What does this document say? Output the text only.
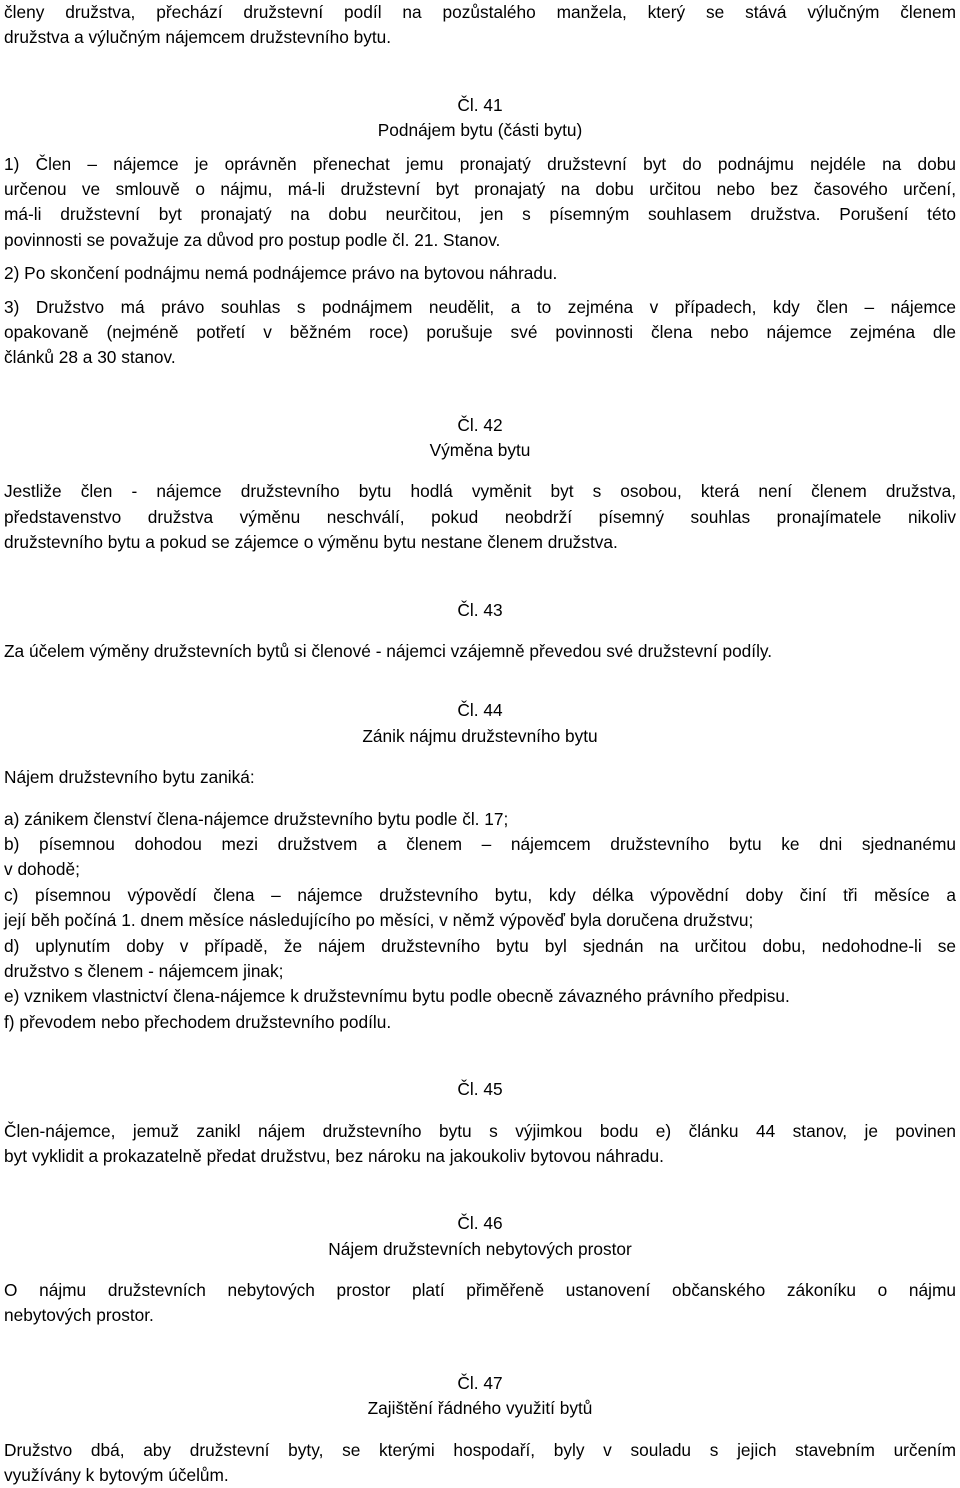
členy družstva, přechází družstevní podíl na pozůstalého manžela, který se stává výlučným členem
družstva a výlučným nájemcem družstevního bytu.
Čl. 41
Podnájem bytu (části bytu)
1) Člen – nájemce je oprávněn přenechat jemu pronajatý družstevní byt do podnájmu nejdéle na dobu
určenou ve smlouvě o nájmu, má-li družstevní byt pronajatý na dobu určitou nebo bez časového určení,
má-li družstevní byt pronajatý na dobu neurčitou, jen s písemným souhlasem družstva. Porušení této
povinnosti se považuje za důvod pro postup podle čl. 21. Stanov.
2) Po skončení podnájmu nemá podnájemce právo na bytovou náhradu.
3) Družstvo má právo souhlas s podnájmem neudělit, a to zejména v případech, kdy člen – nájemce
opakovaně (nejméně potřetí v běžném roce) porušuje své povinnosti člena nebo nájemce zejména dle
článků 28 a 30 stanov.
Čl. 42
Výměna bytu
Jestliže člen - nájemce družstevního bytu hodlá vyměnit byt s osobou, která není členem družstva,
představenstvo družstva výměnu neschválí, pokud neobdrží písemný souhlas pronajímatele nikoliv
družstevního bytu a pokud se zájemce o výměnu bytu nestane členem družstva.
Čl. 43
Za účelem výměny družstevních bytů si členové - nájemci vzájemně převedou své družstevní podíly.
Čl. 44
Zánik nájmu družstevního bytu
Nájem družstevního bytu zaniká:
a) zánikem členství člena-nájemce družstevního bytu podle čl. 17;
b) písemnou dohodou mezi družstvem a členem – nájemcem družstevního bytu ke dni sjednanému
v dohodě;
c) písemnou výpovědí člena – nájemce družstevního bytu, kdy délka výpovědní doby činí tři měsíce a
její běh počíná 1. dnem měsíce následujícího po měsíci, v němž výpověď byla doručena družstvu;
d) uplynutím doby v případě, že nájem družstevního bytu byl sjednán na určitou dobu, nedohodne-li se
družstvo s členem - nájemcem jinak;
e) vznikem vlastnictví člena-nájemce k družstevnímu bytu podle obecně závazného právního předpisu.
f) převodem nebo přechodem družstevního podílu.
Čl. 45
Člen-nájemce, jemuž zanikl nájem družstevního bytu s výjimkou bodu e) článku 44 stanov, je povinen
byt vyklidit a prokazatelně předat družstvu, bez nároku na jakoukoliv bytovou náhradu.
Čl. 46
Nájem družstevních nebytových prostor
O nájmu družstevních nebytových prostor platí přiměřeně ustanovení občanského zákoníku o nájmu
nebytových prostor.
Čl. 47
Zajištění řádného využití bytů
Družstvo dbá, aby družstevní byty, se kterými hospodaří, byly v souladu s jejich stavebním určením
využívány k bytovým účelům.
